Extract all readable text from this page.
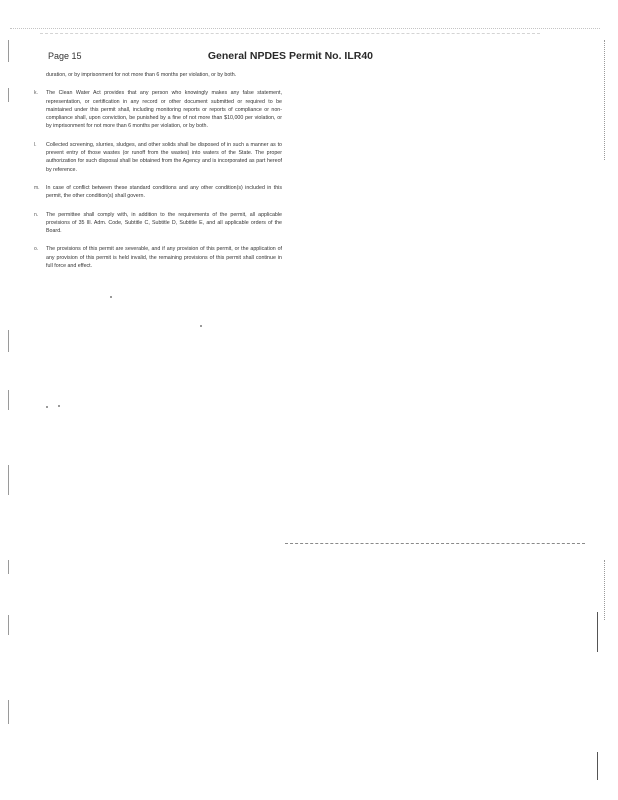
Page 15	General NPDES Permit No. ILR40
duration, or by imprisonment for not more than 6 months per violation, or by both.
k.	The Clean Water Act provides that any person who knowingly makes any false statement, representation, or certification in any record or other document submitted or required to be maintained under this permit shall, including monitoring reports or reports of compliance or non-compliance shall, upon conviction, be punished by a fine of not more than $10,000 per violation, or by imprisonment for not more than 6 months per violation, or by both.
l.	Collected screening, slurries, sludges, and other solids shall be disposed of in such a manner as to prevent entry of those wastes (or runoff from the wastes) into waters of the State. The proper authorization for such disposal shall be obtained from the Agency and is incorporated as part hereof by reference.
m.	In case of conflict between these standard conditions and any other condition(s) included in this permit, the other condition(s) shall govern.
n.	The permittee shall comply with, in addition to the requirements of the permit, all applicable provisions of 35 Ill. Adm. Code, Subtitle C, Subtitle D, Subtitle E, and all applicable orders of the Board.
o.	The provisions of this permit are severable, and if any provision of this permit, or the application of any provision of this permit is held invalid, the remaining provisions of this permit shall continue in full force and effect.
